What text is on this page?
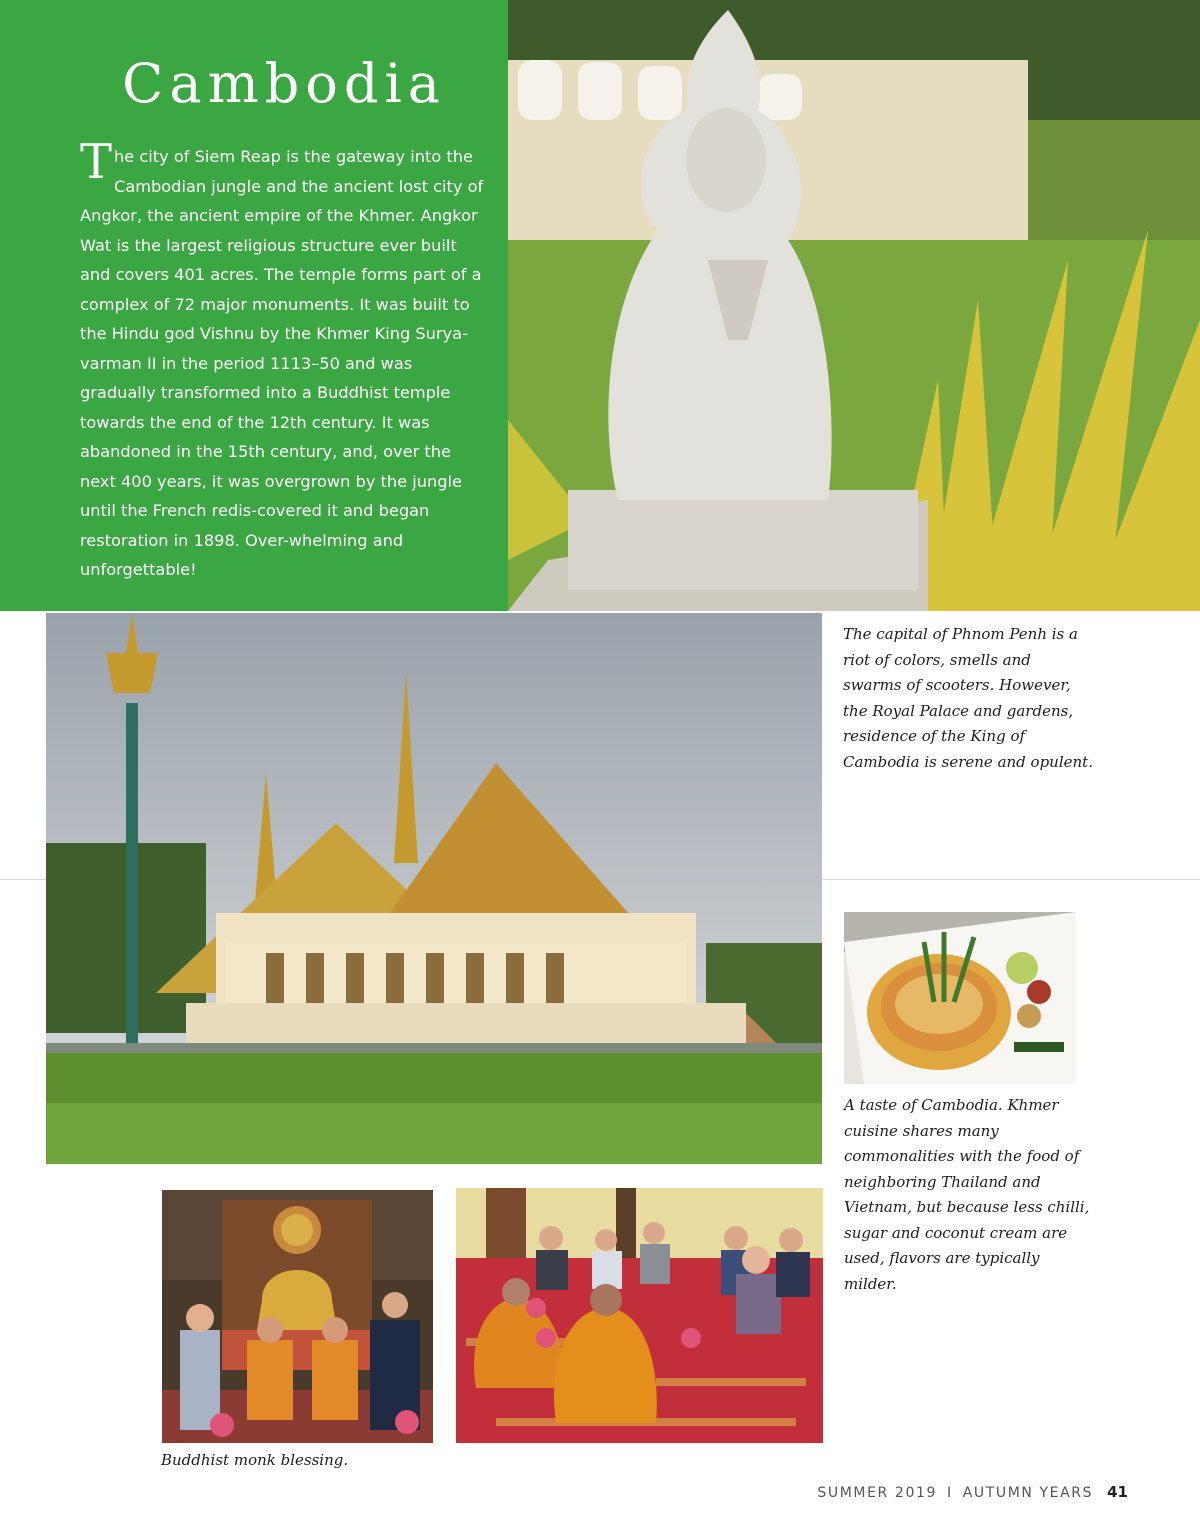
Cambodia

The city of Siem Reap is the gateway into the Cambodian jungle and the ancient lost city of Angkor, the ancient empire of the Khmer. Angkor Wat is the largest religious structure ever built and covers 401 acres. The temple forms part of a complex of 72 major monuments. It was built to the Hindu god Vishnu by the Khmer King Surya-varman II in the period 1113–50 and was gradually transformed into a Buddhist temple towards the end of the 12th century. It was abandoned in the 15th century, and, over the next 400 years, it was overgrown by the jungle until the French redis-covered it and began restoration in 1898. Over-whelming and unforgettable!

The capital of Phnom Penh is a riot of colors, smells and swarms of scooters. However, the Royal Palace and gardens, residence of the King of Cambodia is serene and opulent.
A taste of Cambodia. Khmer cuisine shares many commonalities with the food of neighboring Thailand and Vietnam, but because less chilli, sugar and coconut cream are used, flavors are typically milder.
Buddhist monk blessing.
SUMMER 2019 I AUTUMN YEARS 41
